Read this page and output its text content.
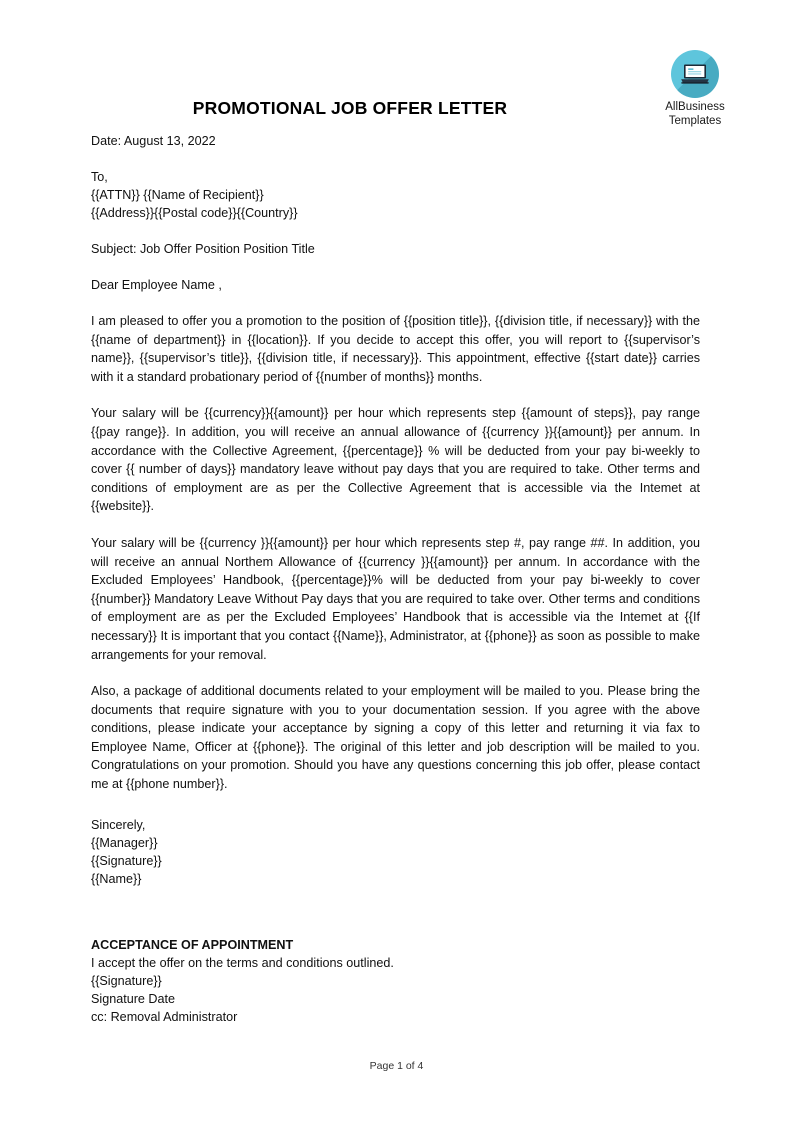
AllBusiness
Templates
PROMOTIONAL JOB OFFER LETTER
Date: August 13, 2022
To,
{{ATTN}} {{Name of Recipient}}
{{Address}}{{Postal code}}{{Country}}
Subject: Job Offer Position Position Title
Dear Employee Name ,

I am pleased to offer you a promotion to the position of {{position title}}, {{division title, if necessary}} with the {{name of department}} in {{location}}. If you decide to accept this offer, you will report to {{supervisor’s name}}, {{supervisor’s title}}, {{division title, if necessary}}. This appointment, effective {{start date}} carries with it a standard probationary period of {{number of months}} months.

Your salary will be {{currency}}{{amount}} per hour which represents step {{amount of steps}}, pay range {{pay range}}. In addition, you will receive an annual allowance of {{currency }}{{amount}} per annum. In accordance with the Collective Agreement, {{percentage}} % will be deducted from your pay bi-weekly to cover {{ number of days}} mandatory leave without pay days that you are required to take. Other terms and conditions of employment are as per the Collective Agreement that is accessible via the Intemet at {{website}}.

Your salary will be {{currency }}{{amount}} per hour which represents step #, pay range ##. In addition, you will receive an annual Northem Allowance of {{currency }}{{amount}} per annum. In accordance with the Excluded Employees’ Handbook, {{percentage}}% will be deducted from your pay bi-weekly to cover {{number}} Mandatory Leave Without Pay days that you are required to take over. Other terms and conditions of employment are as per the Excluded Employees’ Handbook that is accessible via the Intemet at {{If necessary}} It is important that you contact {{Name}}, Administrator, at {{phone}} as soon as possible to make arrangements for your removal.

Also, a package of additional documents related to your employment will be mailed to you. Please bring the documents that require signature with you to your documentation session. If you agree with the above conditions, please indicate your acceptance by signing a copy of this letter and returning it via fax to Employee Name, Officer at {{phone}}. The original of this letter and job description will be mailed to you. Congratulations on your promotion. Should you have any questions concerning this job offer, please contact me at {{phone number}}.

Sincerely,
{{Manager}}
{{Signature}}
{{Name}}
ACCEPTANCE OF APPOINTMENT
I accept the offer on the terms and conditions outlined.
{{Signature}}
Signature Date
cc: Removal Administrator
Page 1 of 4
